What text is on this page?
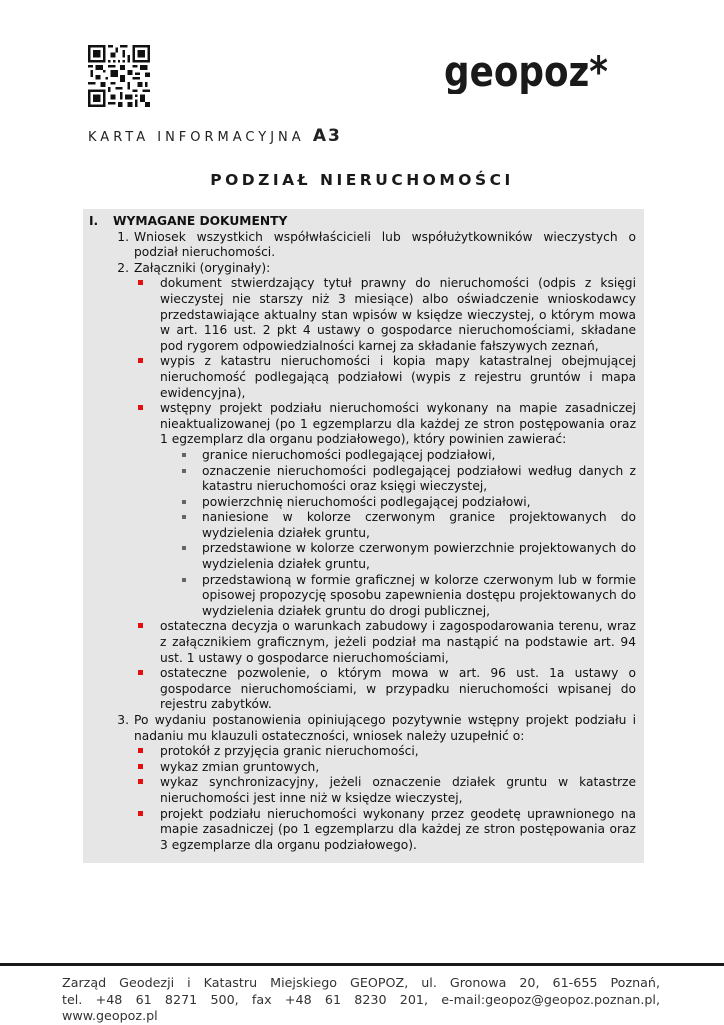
geopoz*
KARTA INFORMACYJNA A3
PODZIAŁ NIERUCHOMOŚCI
I.	WYMAGANE DOKUMENTY
1. Wniosek wszystkich współwłaścicieli lub współużytkowników wieczystych o podział nieruchomości.
2. Załączniki (oryginały):
dokument stwierdzający tytuł prawny do nieruchomości (odpis z księgi wieczystej nie starszy niż 3 miesiące) albo oświadczenie wnioskodawcy przedstawiające aktualny stan wpisów w księdze wieczystej, o którym mowa w art. 116 ust. 2 pkt 4 ustawy o gospodarce nieruchomościami, składane pod rygorem odpowiedzialności karnej za składanie fałszywych zeznań,
wypis z katastru nieruchomości i kopia mapy katastralnej obejmującej nieruchomość podlegającą podziałowi (wypis z rejestru gruntów i mapa ewidencyjna),
wstępny projekt podziału nieruchomości wykonany na mapie zasadniczej nieaktualizowanej (po 1 egzemplarzu dla każdej ze stron postępowania oraz 1 egzemplarz dla organu podziałowego), który powinien zawierać:
granice nieruchomości podlegającej podziałowi,
oznaczenie nieruchomości podlegającej podziałowi według danych z katastru nieruchomości oraz księgi wieczystej,
powierzchnię nieruchomości podlegającej podziałowi,
naniesione w kolorze czerwonym granice projektowanych do wydzielenia działek gruntu,
przedstawione w kolorze czerwonym powierzchnie projektowanych do wydzielenia działek gruntu,
przedstawioną w formie graficznej w kolorze czerwonym lub w formie opisowej propozycję sposobu zapewnienia dostępu projektowanych do wydzielenia działek gruntu do drogi publicznej,
ostateczna decyzja o warunkach zabudowy i zagospodarowania terenu, wraz z załącznikiem graficznym, jeżeli podział ma nastąpić na podstawie art. 94 ust. 1 ustawy o gospodarce nieruchomościami,
ostateczne pozwolenie, o którym mowa w art. 96 ust. 1a ustawy o gospodarce nieruchomościami, w przypadku nieruchomości wpisanej do rejestru zabytków.
3. Po wydaniu postanowienia opiniującego pozytywnie wstępny projekt podziału i nadaniu mu klauzuli ostateczności, wniosek należy uzupełnić o:
protokół z przyjęcia granic nieruchomości,
wykaz zmian gruntowych,
wykaz synchronizacyjny, jeżeli oznaczenie działek gruntu w katastrze nieruchomości jest inne niż w księdze wieczystej,
projekt podziału nieruchomości wykonany przez geodetę uprawnionego na mapie zasadniczej (po 1 egzemplarzu dla każdej ze stron postępowania oraz 3 egzemplarze dla organu podziałowego).
Zarząd Geodezji i Katastru Miejskiego GEOPOZ, ul. Gronowa 20, 61-655 Poznań,
tel. +48 61 8271 500, fax +48 61 8230 201, e-mail:geopoz@geopoz.poznan.pl, www.geopoz.pl
